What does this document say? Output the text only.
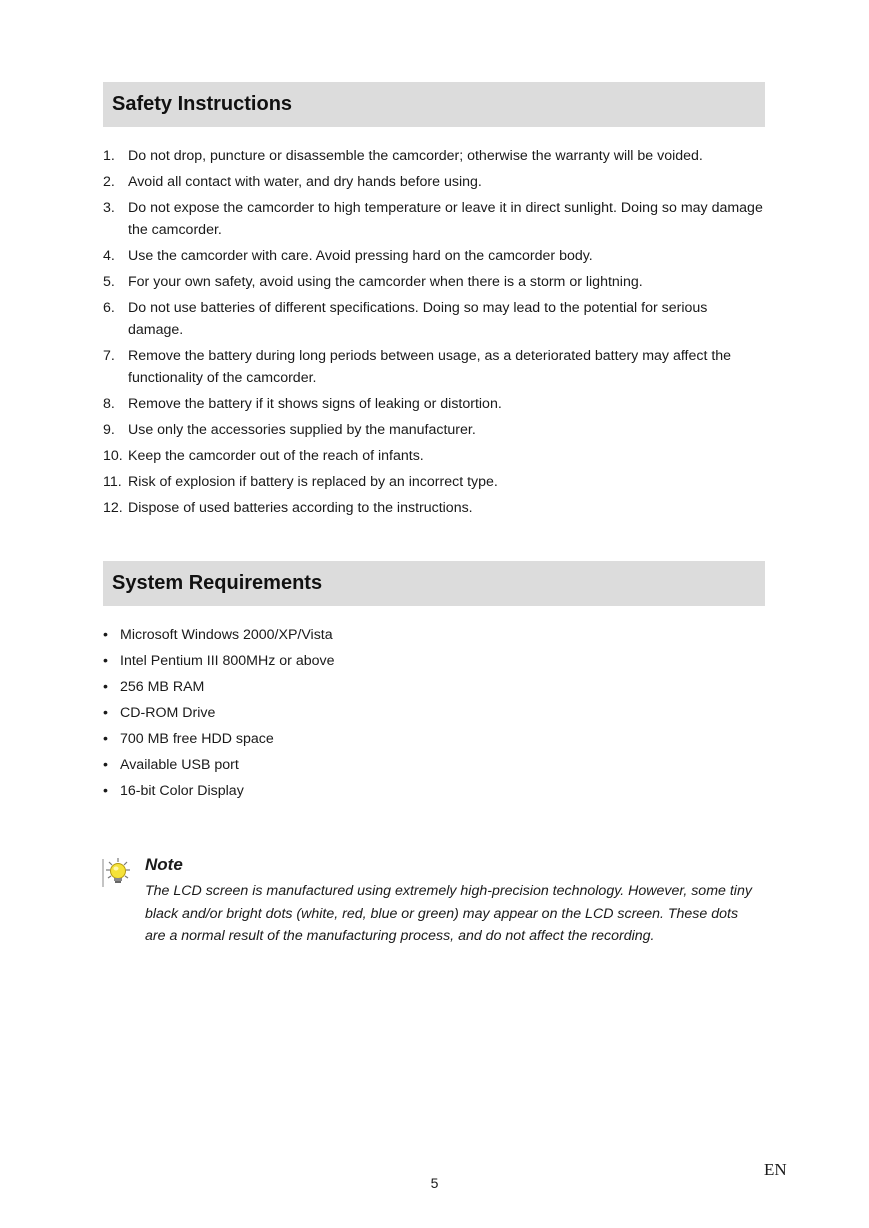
Safety Instructions
1. Do not drop, puncture or disassemble the camcorder; otherwise the warranty will be voided.
2. Avoid all contact with water, and dry hands before using.
3. Do not expose the camcorder to high temperature or leave it in direct sunlight. Doing so may damage the camcorder.
4. Use the camcorder with care. Avoid pressing hard on the camcorder body.
5. For your own safety, avoid using the camcorder when there is a storm or lightning.
6. Do not use batteries of different specifications. Doing so may lead to the potential for serious damage.
7. Remove the battery during long periods between usage, as a deteriorated battery may affect the functionality of the camcorder.
8. Remove the battery if it shows signs of leaking or distortion.
9. Use only the accessories supplied by the manufacturer.
10. Keep the camcorder out of the reach of infants.
11. Risk of explosion if battery is replaced by an incorrect type.
12. Dispose of used batteries according to the instructions.
System Requirements
• Microsoft Windows 2000/XP/Vista
• Intel Pentium III 800MHz or above
• 256 MB RAM
• CD-ROM Drive
• 700 MB free HDD space
• Available USB port
• 16-bit Color Display
Note
The LCD screen is manufactured using extremely high-precision technology. However, some tiny black and/or bright dots (white, red, blue or green) may appear on the LCD screen. These dots are a normal result of the manufacturing process, and do not affect the recording.
5
EN
